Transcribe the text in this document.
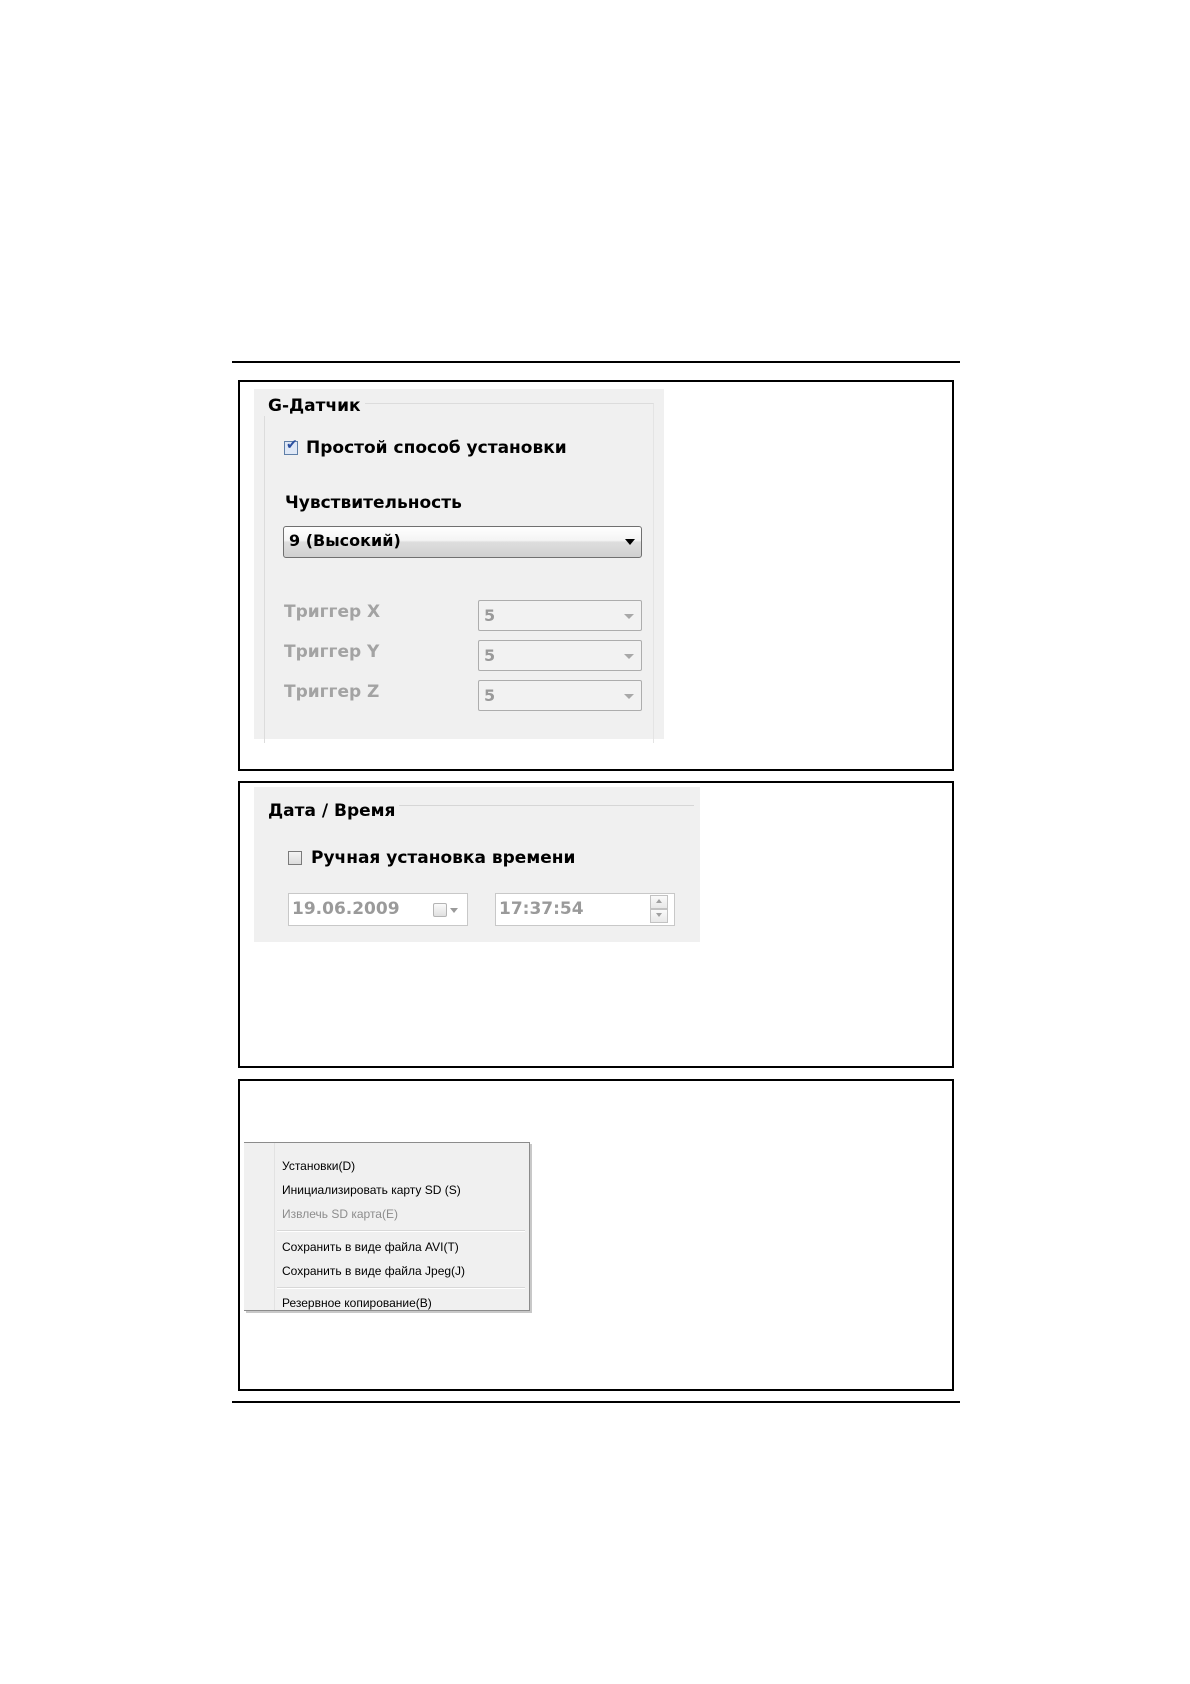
G-Датчик
✔ Простой способ установки
Чувствительность
9 (Высокий)
Триггер X	5
Триггер Y	5
Триггер Z	5
Дата / Время
Ручная установка времени
19.06.2009	17:37:54
Установки(D)
Инициализировать карту SD (S)
Извлечь SD карта(E)
Сохранить в виде файла AVI(T)
Сохранить в виде файла Jpeg(J)
Резервное копирование(B)
